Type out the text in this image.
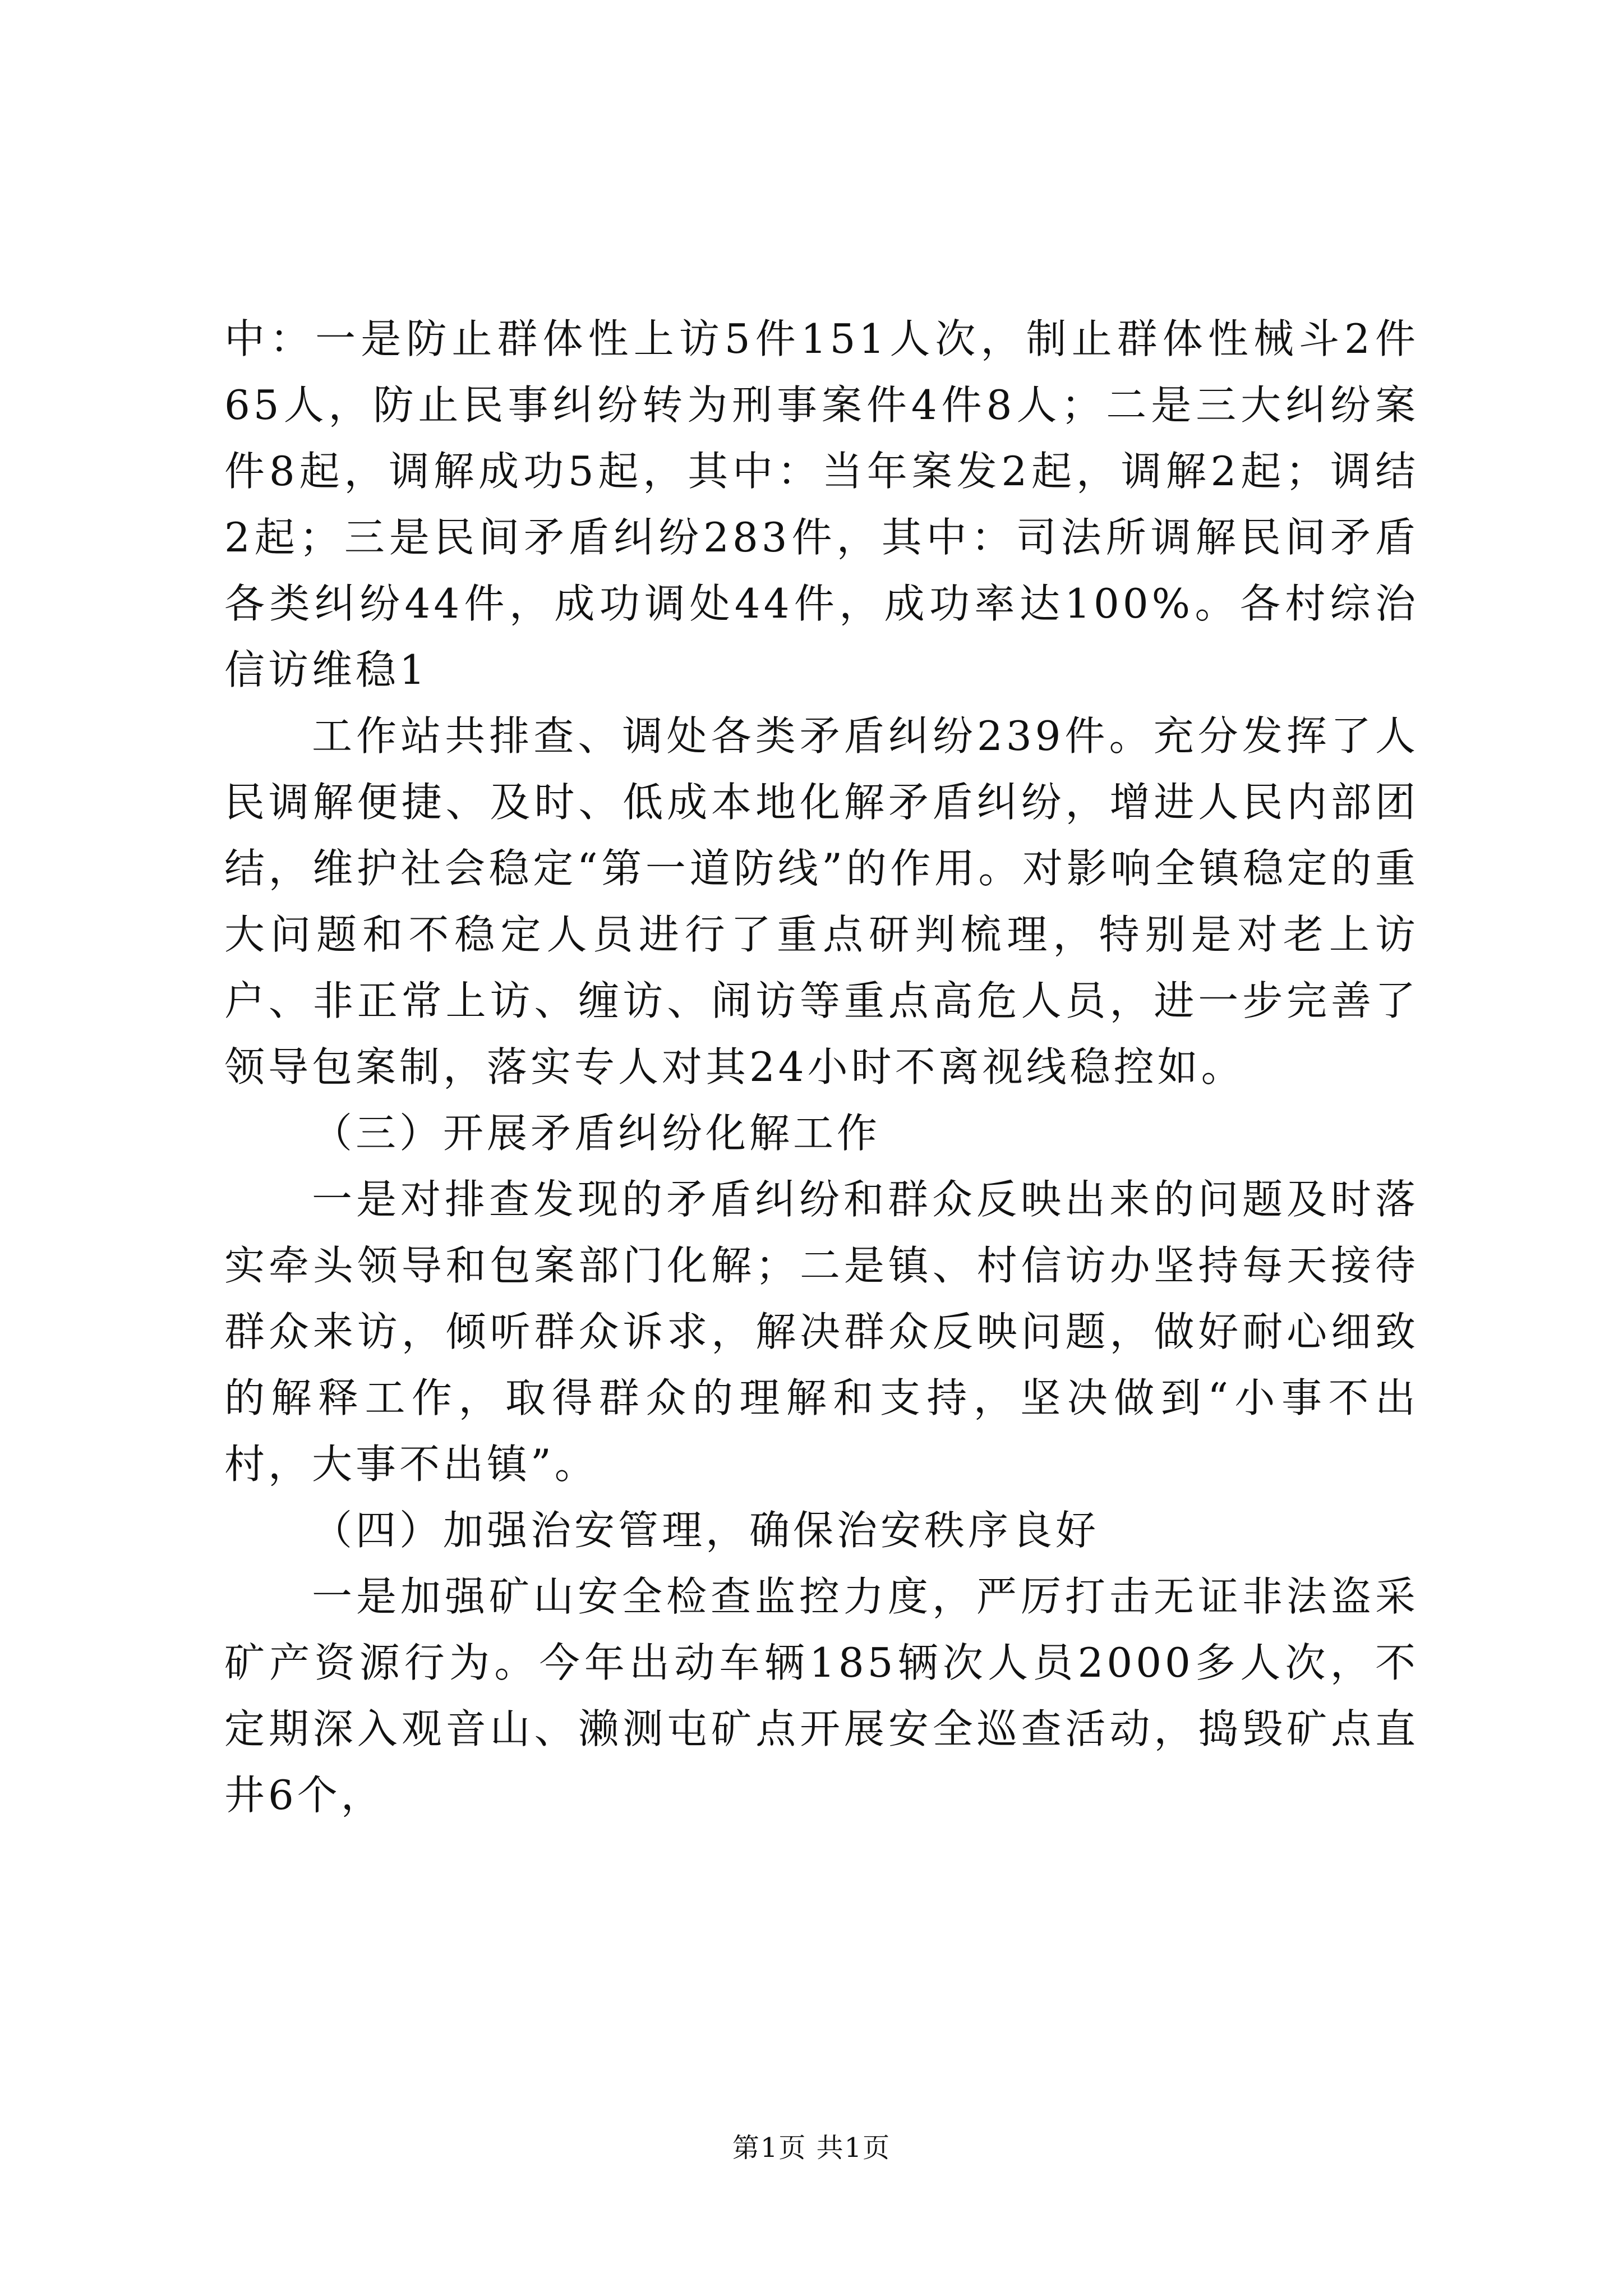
中：一是防止群体性上访5件151人次，制止群体性械斗2件65人，防止民事纠纷转为刑事案件4件8人；二是三大纠纷案件8起，调解成功5起，其中：当年案发2起，调解2起；调结2起；三是民间矛盾纠纷283件，其中：司法所调解民间矛盾各类纠纷44件，成功调处44件，成功率达100%。各村综治信访维稳1

工作站共排查、调处各类矛盾纠纷239件。充分发挥了人民调解便捷、及时、低成本地化解矛盾纠纷，增进人民内部团结，维护社会稳定“第一道防线”的作用。对影响全镇稳定的重大问题和不稳定人员进行了重点研判梳理，特别是对老上访户、非正常上访、缠访、闹访等重点高危人员，进一步完善了领导包案制，落实专人对其24小时不离视线稳控如。

（三）开展矛盾纠纷化解工作

一是对排查发现的矛盾纠纷和群众反映出来的问题及时落实牵头领导和包案部门化解；二是镇、村信访办坚持每天接待群众来访，倾听群众诉求，解决群众反映问题，做好耐心细致的解释工作，取得群众的理解和支持，坚决做到“小事不出村，大事不出镇”。

（四）加强治安管理，确保治安秩序良好

一是加强矿山安全检查监控力度，严厉打击无证非法盗采矿产资源行为。今年出动车辆185辆次人员2000多人次，不定期深入观音山、濑测屯矿点开展安全巡查活动，捣毁矿点直井6个，

第1页 共1页
